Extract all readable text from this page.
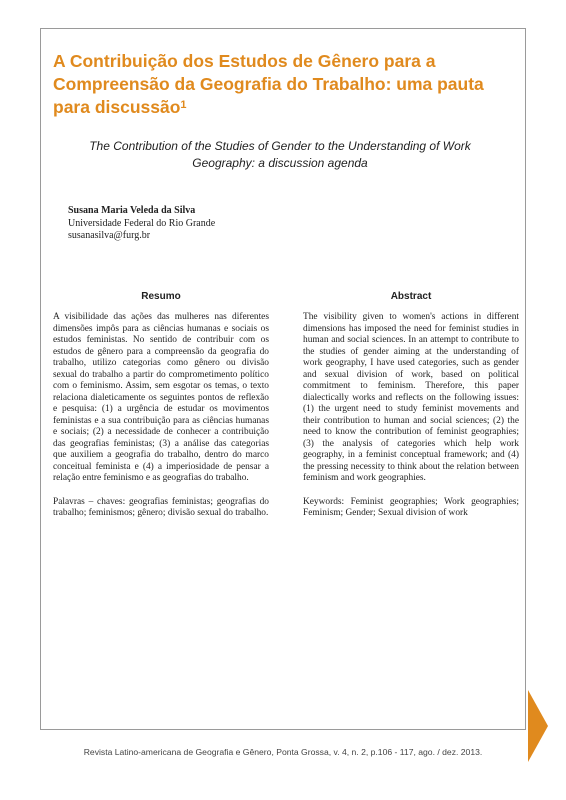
A Contribuição dos Estudos de Gênero para a Compreensão da Geografia do Trabalho: uma pauta para discussão$^1$

The Contribution of the Studies of Gender to the Understanding of Work Geography: a discussion agenda

Susana Maria Veleda da Silva
Universidade Federal do Rio Grande
susanasilva@furg.br
Resumo

A visibilidade das ações das mulheres nas diferentes dimensões impôs para as ciências humanas e sociais os estudos feministas. No sentido de contribuir com os estudos de gênero para a compreensão da geografia do trabalho, utilizo categorias como gênero ou divisão sexual do trabalho a partir do comprometimento político com o feminismo. Assim, sem esgotar os temas, o texto relaciona dialeticamente os seguintes pontos de reflexão e pesquisa: (1) a urgência de estudar os movimentos feministas e a sua contribuição para as ciências humanas e sociais; (2) a necessidade de conhecer a contribuição das geografias feministas; (3) a análise das categorias que auxiliem a geografia do trabalho, dentro do marco conceitual feminista e (4) a imperiosidade de pensar a relação entre feminismo e as geografias do trabalho.

Palavras – chaves: geografias feministas; geografias do trabalho; feminismos; gênero; divisão sexual do trabalho.

Abstract

The visibility given to women's actions in different dimensions has imposed the need for feminist studies in human and social sciences. In an attempt to contribute to the studies of gender aiming at the understanding of work geography, I have used categories, such as gender and sexual division of work, based on political commitment to feminism. Therefore, this paper dialectically works and reflects on the following issues: (1) the urgent need to study feminist movements and their contribution to human and social sciences; (2) the need to know the contribution of feminist geographies; (3) the analysis of categories which help work geography, in a feminist conceptual framework; and (4) the pressing necessity to think about the relation between feminism and work geographies.

Keywords: Feminist geographies; Work geographies; Feminism; Gender; Sexual division of work

Revista Latino-americana de Geografia e Gênero, Ponta Grossa, v. 4, n. 2, p.106 - 117, ago. / dez. 2013.
